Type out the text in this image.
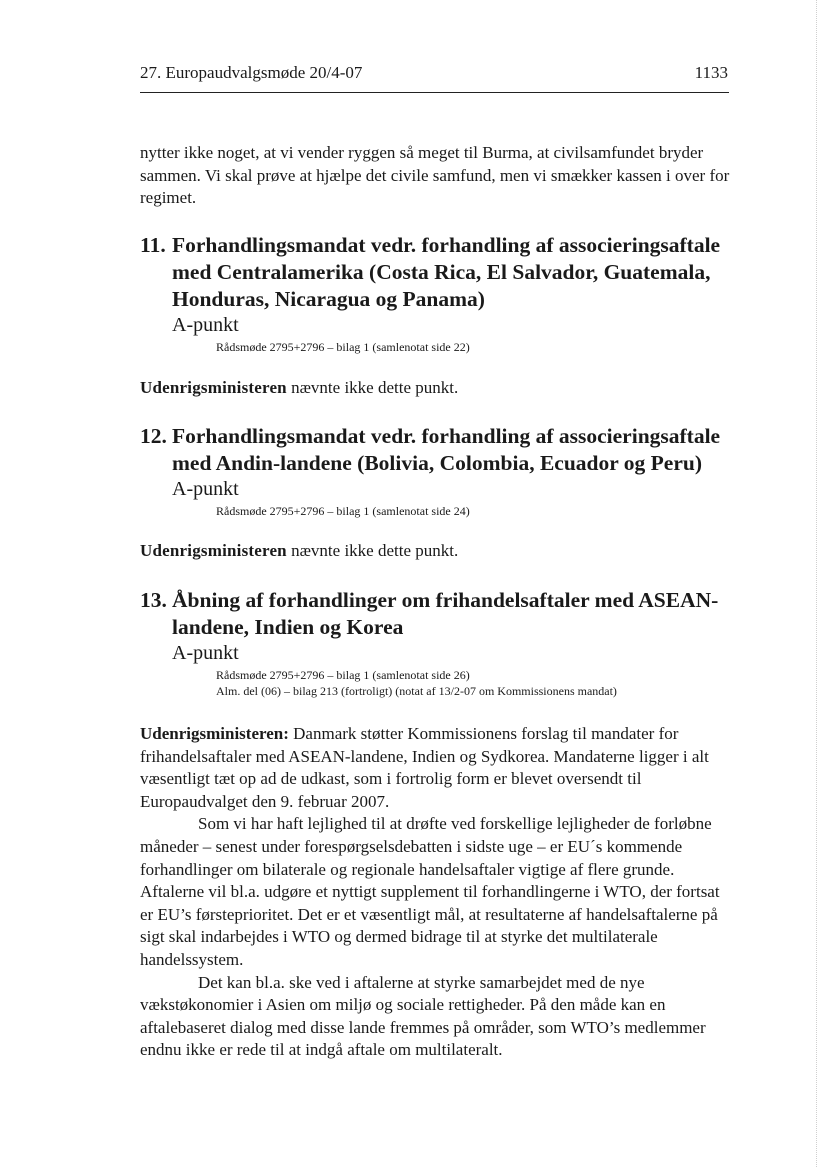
27. Europaudvalgsmøde 20/4-07	1133
nytter ikke noget, at vi vender ryggen så meget til Burma, at civilsamfundet bryder sammen. Vi skal prøve at hjælpe det civile samfund, men vi smækker kassen i over for regimet.
11. Forhandlingsmandat vedr. forhandling af associeringsaftale med Centralamerika (Costa Rica, El Salvador, Guatemala, Honduras, Nicaragua og Panama)
A-punkt
Rådsmøde 2795+2796 – bilag 1 (samlenotat side 22)
Udenrigsministeren nævnte ikke dette punkt.
12. Forhandlingsmandat vedr. forhandling af associeringsaftale med Andin-landene (Bolivia, Colombia, Ecuador og Peru)
A-punkt
Rådsmøde 2795+2796 – bilag 1 (samlenotat side 24)
Udenrigsministeren nævnte ikke dette punkt.
13. Åbning af forhandlinger om frihandelsaftaler med ASEAN-landene, Indien og Korea
A-punkt
Rådsmøde 2795+2796 – bilag 1 (samlenotat side 26)
Alm. del (06) – bilag 213 (fortroligt) (notat af 13/2-07 om Kommissionens mandat)

Udenrigsministeren: Danmark støtter Kommissionens forslag til mandater for frihandelsaftaler med ASEAN-landene, Indien og Sydkorea. Mandaterne ligger i alt væsentligt tæt op ad de udkast, som i fortrolig form er blevet oversendt til Europaudvalget den 9. februar 2007.

Som vi har haft lejlighed til at drøfte ved forskellige lejligheder de forløbne måneder – senest under forespørgselsdebatten i sidste uge – er EU´s kommende forhandlinger om bilaterale og regionale handelsaftaler vigtige af flere grunde. Aftalerne vil bl.a. udgøre et nyttigt supplement til forhandlingerne i WTO, der fortsat er EU’s førsteprioritet. Det er et væsentligt mål, at resultaterne af handelsaftalerne på sigt skal indarbejdes i WTO og dermed bidrage til at styrke det multilaterale handelssystem.

Det kan bl.a. ske ved i aftalerne at styrke samarbejdet med de nye vækstøkonomier i Asien om miljø og sociale rettigheder. På den måde kan en aftalebaseret dialog med disse lande fremmes på områder, som WTO’s medlemmer endnu ikke er rede til at indgå aftale om multilateralt.
